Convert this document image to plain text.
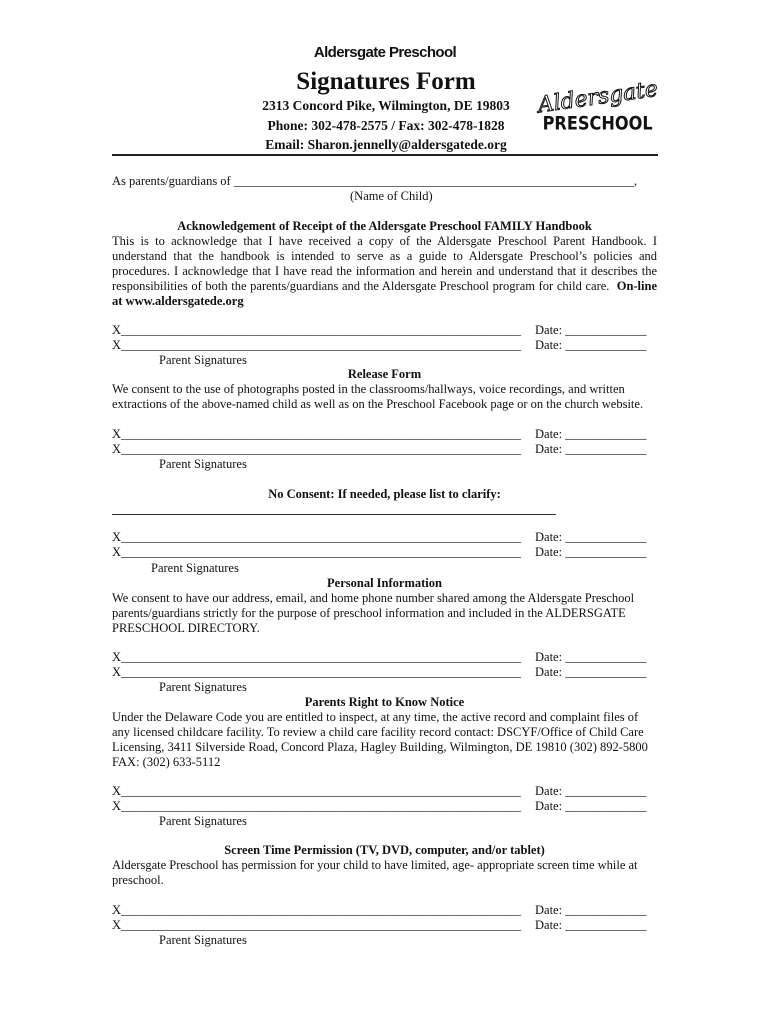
Aldersgate Preschool
Signatures Form
2313 Concord Pike, Wilmington, DE 19803
Phone: 302-478-2575 / Fax: 302-478-1828
Email: Sharon.jennelly@aldersgatede.org
Aldersgate
PRESCHOOL
As parents/guardians of ________________________________________________________________,
(Name of Child)
Acknowledgement of Receipt of the Aldersgate Preschool FAMILY Handbook
This is to acknowledge that I have received a copy of the Aldersgate Preschool Parent Handbook. I understand that the handbook is intended to serve as a guide to Aldersgate Preschool’s policies and procedures. I acknowledge that I have read the information and herein and understand that it describes the responsibilities of both the parents/guardians and the Aldersgate Preschool program for child care. On-line at www.aldersgatede.org
X________________________________________________________________ Date: _____________
X________________________________________________________________ Date: _____________
Parent Signatures
Release Form
We consent to the use of photographs posted in the classrooms/hallways, voice recordings, and written extractions of the above-named child as well as on the Preschool Facebook page or on the church website.
X________________________________________________________________ Date: _____________
X________________________________________________________________ Date: _____________
Parent Signatures
No Consent: If needed, please list to clarify:
_______________________________________________________________________
X________________________________________________________________ Date: _____________
X________________________________________________________________ Date: _____________
Parent Signatures
Personal Information
We consent to have our address, email, and home phone number shared among the Aldersgate Preschool parents/guardians strictly for the purpose of preschool information and included in the ALDERSGATE PRESCHOOL DIRECTORY.
X________________________________________________________________ Date: _____________
X________________________________________________________________ Date: _____________
Parent Signatures
Parents Right to Know Notice
Under the Delaware Code you are entitled to inspect, at any time, the active record and complaint files of any licensed childcare facility. To review a child care facility record contact: DSCYF/Office of Child Care Licensing, 3411 Silverside Road, Concord Plaza, Hagley Building, Wilmington, DE 19810 (302) 892-5800 FAX: (302) 633-5112
X________________________________________________________________ Date: _____________
X________________________________________________________________ Date: _____________
Parent Signatures
Screen Time Permission (TV, DVD, computer, and/or tablet)
Aldersgate Preschool has permission for your child to have limited, age- appropriate screen time while at preschool.
X________________________________________________________________ Date: _____________
X________________________________________________________________ Date: _____________
Parent Signatures
